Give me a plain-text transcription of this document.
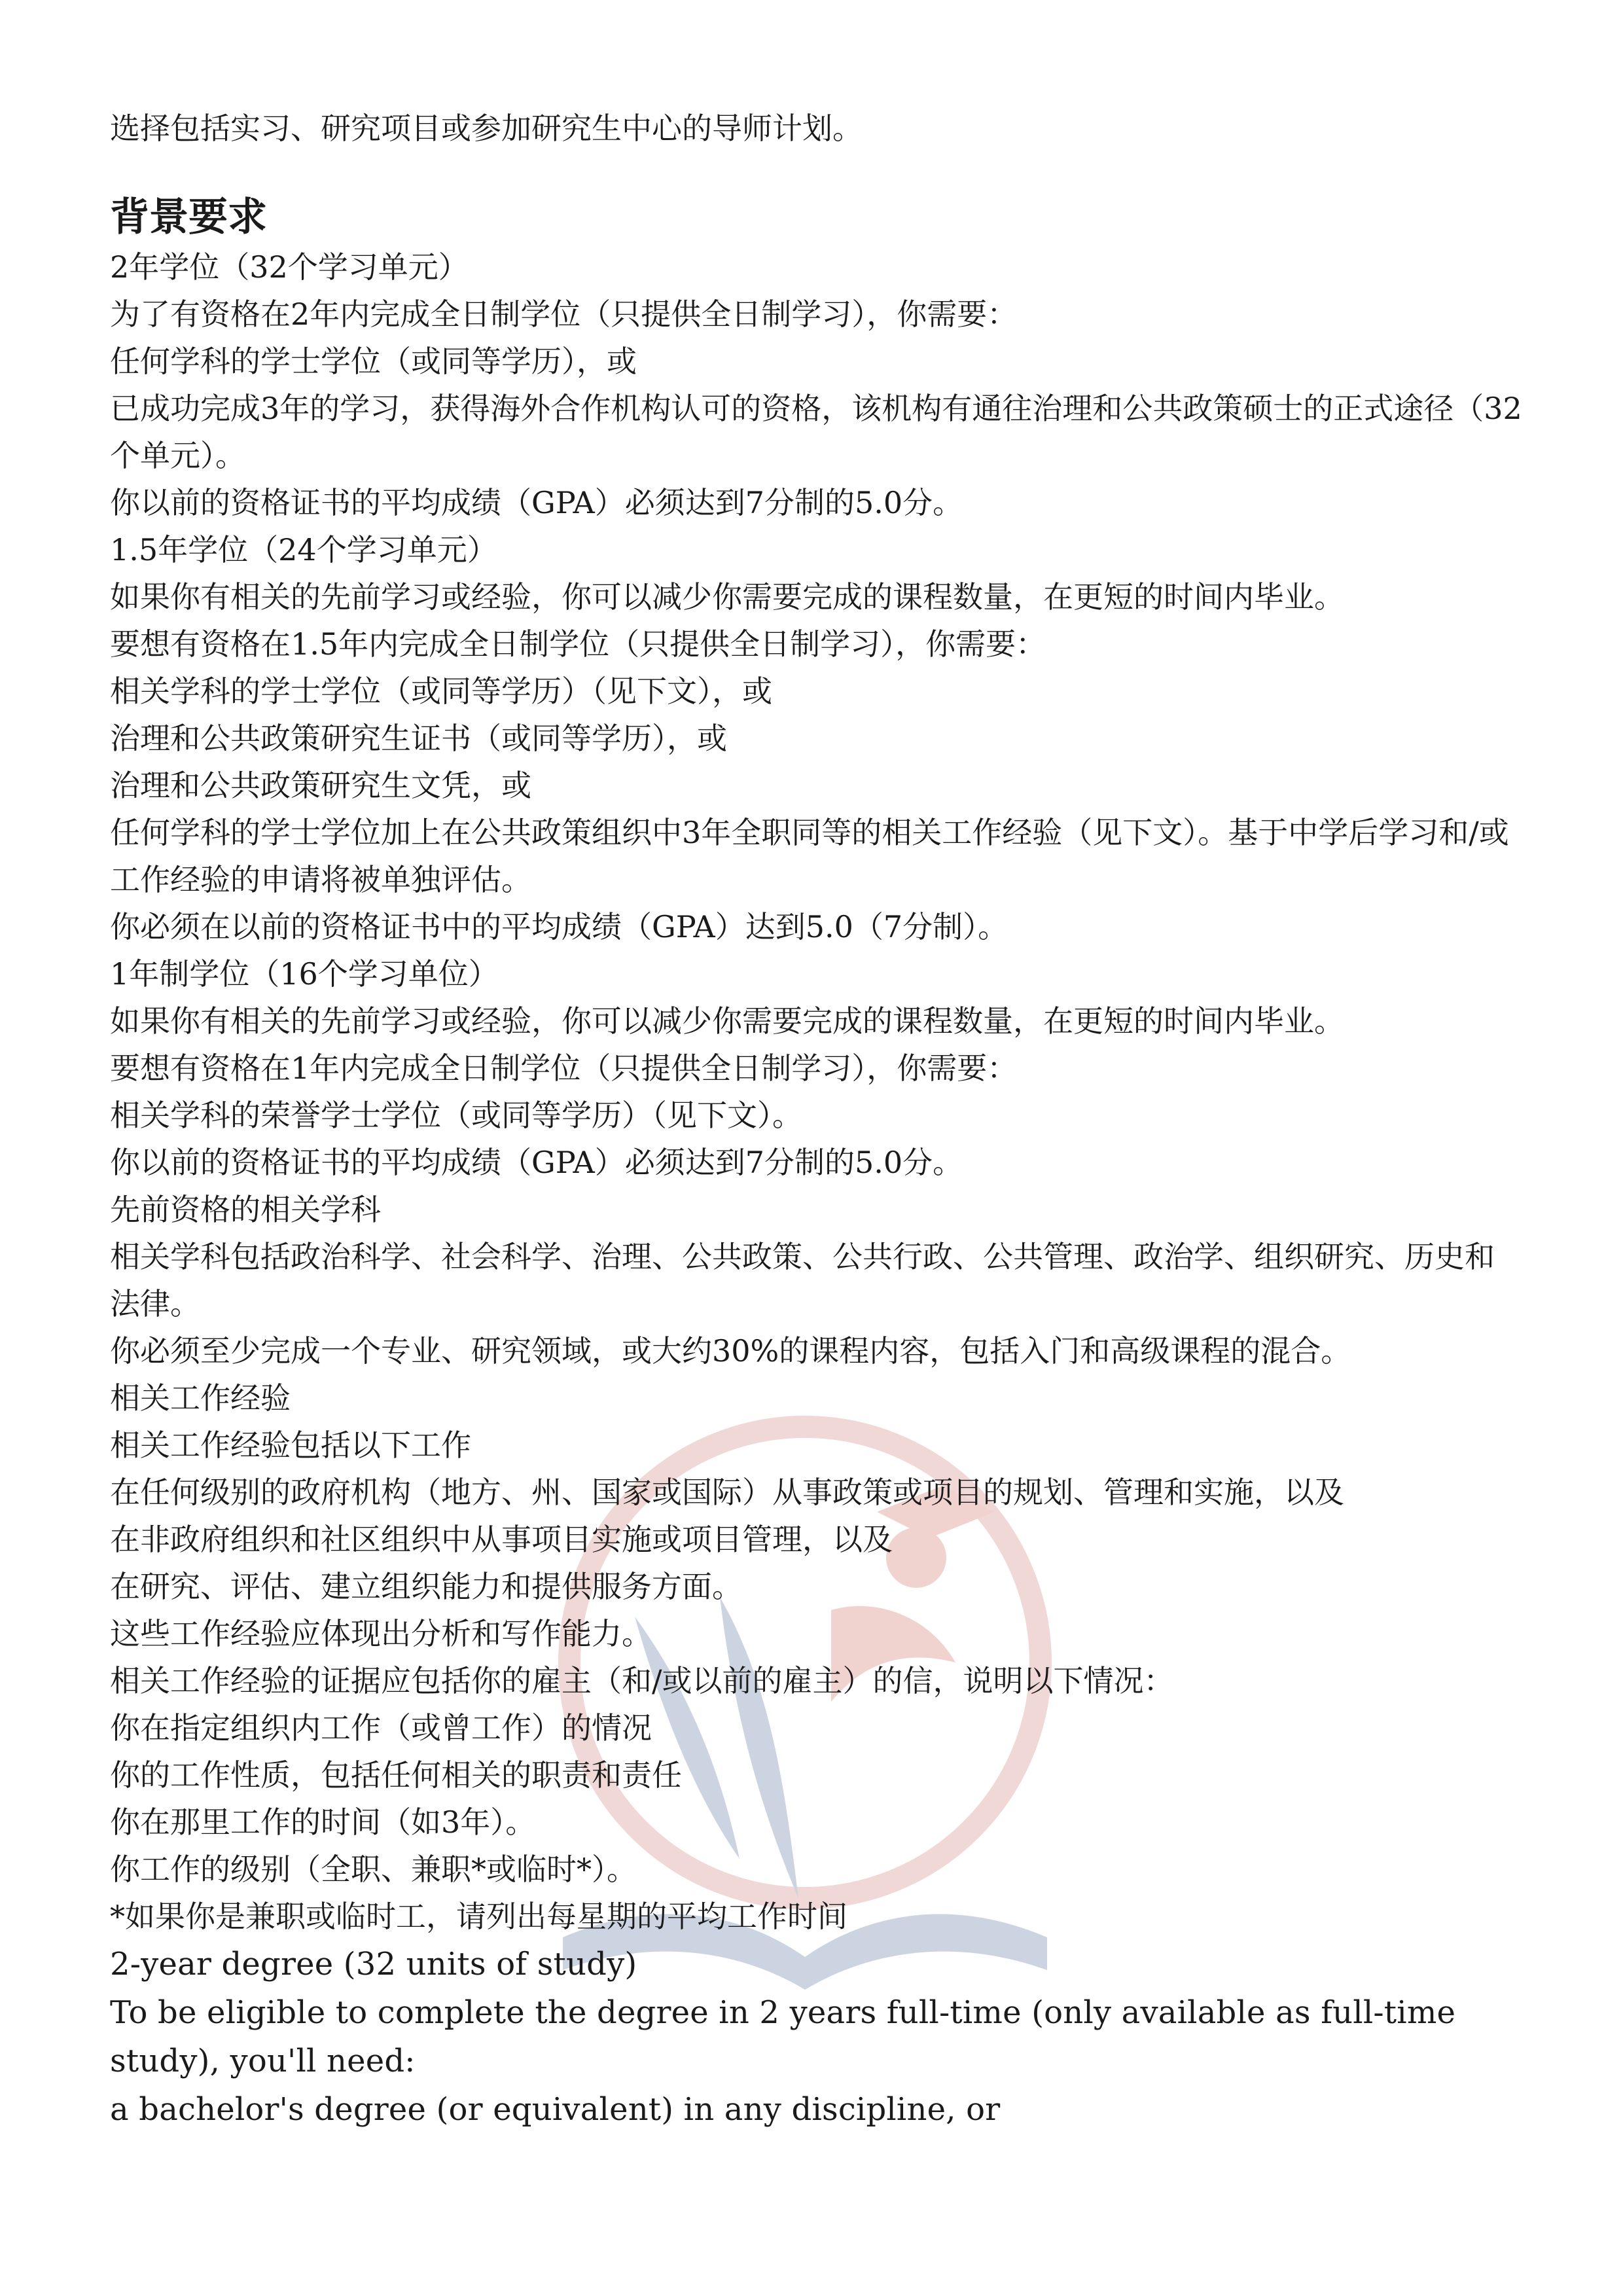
选择包括实习、研究项目或参加研究生中心的导师计划。

背景要求

2年学位（32个学习单元）

为了有资格在2年内完成全日制学位（只提供全日制学习），你需要：

任何学科的学士学位（或同等学历），或

已成功完成3年的学习，获得海外合作机构认可的资格，该机构有通往治理和公共政策硕士的正式途径（32个单元）。

你以前的资格证书的平均成绩（GPA）必须达到7分制的5.0分。

1.5年学位（24个学习单元）

如果你有相关的先前学习或经验，你可以减少你需要完成的课程数量，在更短的时间内毕业。

要想有资格在1.5年内完成全日制学位（只提供全日制学习），你需要：

相关学科的学士学位（或同等学历）（见下文），或

治理和公共政策研究生证书（或同等学历），或

治理和公共政策研究生文凭，或

任何学科的学士学位加上在公共政策组织中3年全职同等的相关工作经验（见下文）。基于中学后学习和/或工作经验的申请将被单独评估。

你必须在以前的资格证书中的平均成绩（GPA）达到5.0（7分制）。

1年制学位（16个学习单位）

如果你有相关的先前学习或经验，你可以减少你需要完成的课程数量，在更短的时间内毕业。

要想有资格在1年内完成全日制学位（只提供全日制学习），你需要：

相关学科的荣誉学士学位（或同等学历）（见下文）。

你以前的资格证书的平均成绩（GPA）必须达到7分制的5.0分。

先前资格的相关学科

相关学科包括政治科学、社会科学、治理、公共政策、公共行政、公共管理、政治学、组织研究、历史和法律。

你必须至少完成一个专业、研究领域，或大约30%的课程内容，包括入门和高级课程的混合。

相关工作经验

相关工作经验包括以下工作

在任何级别的政府机构（地方、州、国家或国际）从事政策或项目的规划、管理和实施，以及

在非政府组织和社区组织中从事项目实施或项目管理，以及

在研究、评估、建立组织能力和提供服务方面。

这些工作经验应体现出分析和写作能力。

相关工作经验的证据应包括你的雇主（和/或以前的雇主）的信，说明以下情况：

你在指定组织内工作（或曾工作）的情况

你的工作性质，包括任何相关的职责和责任

你在那里工作的时间（如3年）。

你工作的级别（全职、兼职*或临时*）。

*如果你是兼职或临时工，请列出每星期的平均工作时间

2-year degree (32 units of study)

To be eligible to complete the degree in 2 years full-time (only available as full-time study), you'll need:

a bachelor's degree (or equivalent) in any discipline, or
